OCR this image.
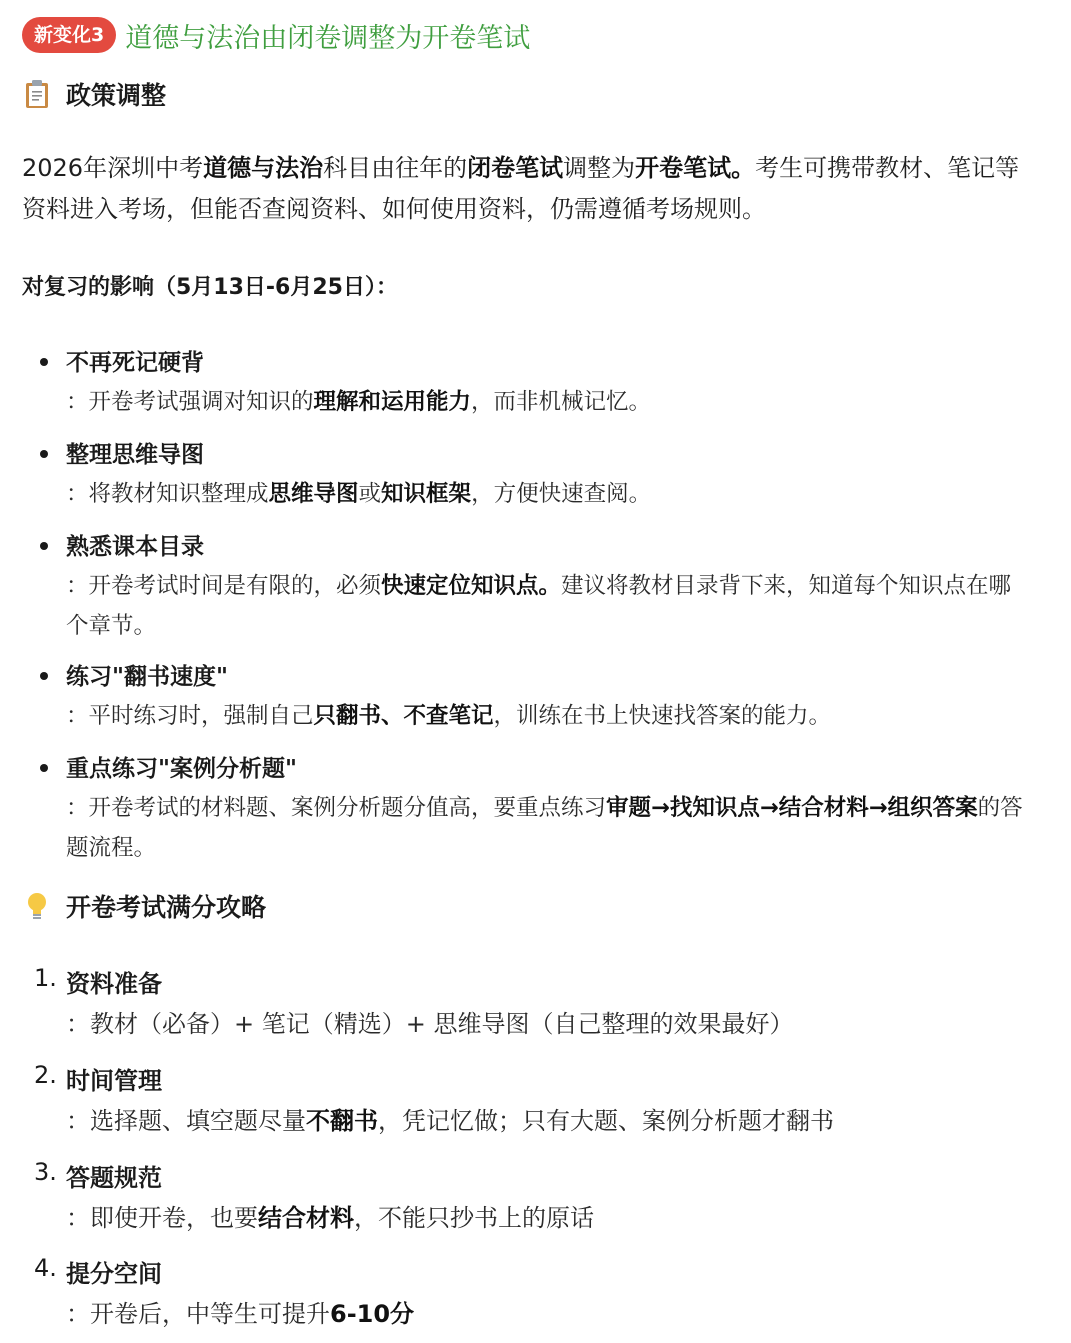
新变化3 道德与法治由闭卷调整为开卷笔试
政策调整
2026年深圳中考道德与法治科目由往年的闭卷笔试调整为开卷笔试。考生可携带教材、笔记等资料进入考场，但能否查阅资料、如何使用资料，仍需遵循考场规则。
对复习的影响（5月13日-6月25日）：
不再死记硬背
：开卷考试强调对知识的理解和运用能力，而非机械记忆。
整理思维导图
：将教材知识整理成思维导图或知识框架，方便快速查阅。
熟悉课本目录
：开卷考试时间是有限的，必须快速定位知识点。建议将教材目录背下来，知道每个知识点在哪个章节。
练习"翻书速度"
：平时练习时，强制自己只翻书、不查笔记，训练在书上快速找答案的能力。
重点练习"案例分析题"
：开卷考试的材料题、案例分析题分值高，要重点练习审题→找知识点→结合材料→组织答案的答题流程。
开卷考试满分攻略
1. 资料准备
：教材（必备）+ 笔记（精选）+ 思维导图（自己整理的效果最好）
2. 时间管理
：选择题、填空题尽量不翻书，凭记忆做；只有大题、案例分析题才翻书
3. 答题规范
：即使开卷，也要结合材料，不能只抄书上的原话
4. 提分空间
：开卷后，中等生可提升6-10分
